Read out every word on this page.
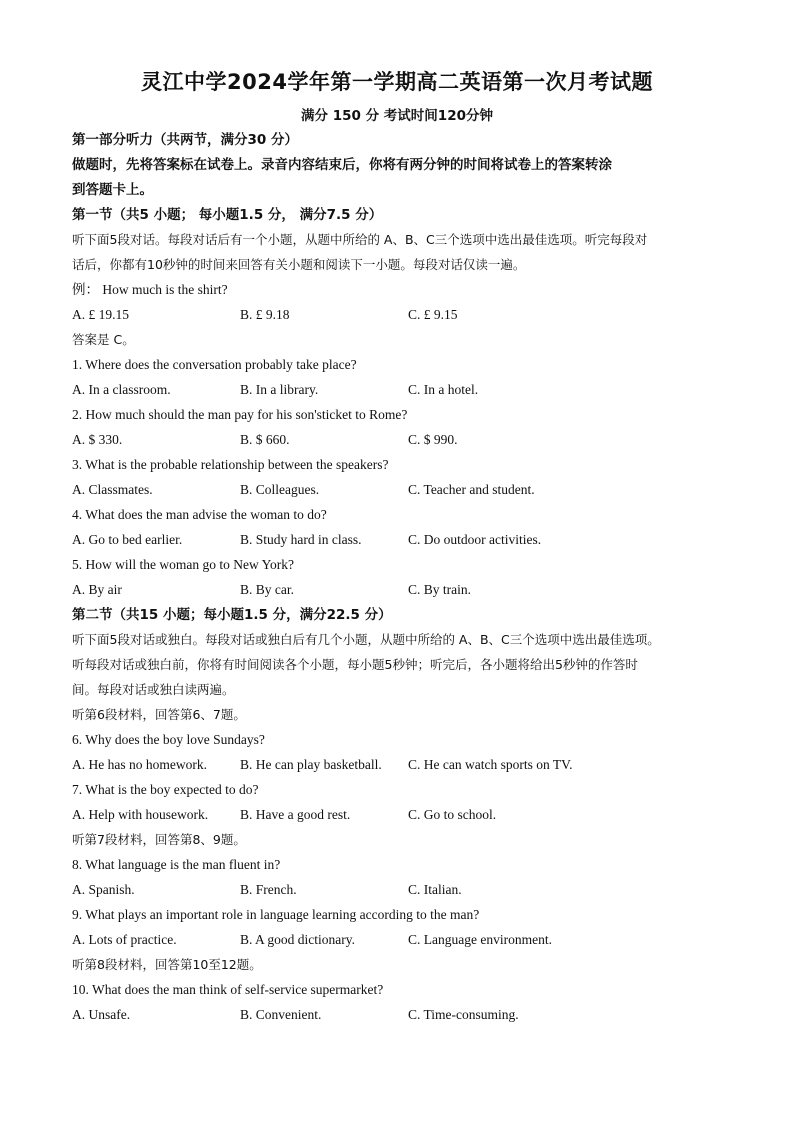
灵江中学2024学年第一学期高二英语第一次月考试题
满分 150 分 考试时间120分钟
第一部分听力（共两节，满分30 分）
做题时，先将答案标在试卷上。录音内容结束后，你将有两分钟的时间将试卷上的答案转涂
到答题卡上。
第一节（共5 小题； 每小题1.5 分， 满分7.5 分）
听下面5段对话。每段对话后有一个小题，从题中所给的 A、B、C三个选项中选出最佳选项。听完每段对
话后，你都有10秒钟的时间来回答有关小题和阅读下一小题。每段对话仅读一遍。
例： How much is the shirt?
A. £ 19.15	B. £ 9.18	C. £ 9.15
答案是 C。
1. Where does the conversation probably take place?
A. In a classroom.	B. In a library.	C. In a hotel.
2. How much should the man pay for his son'sticket to Rome?
A. $ 330.	B. $ 660.	C. $ 990.
3. What is the probable relationship between the speakers?
A. Classmates.	B. Colleagues.	C. Teacher and student.
4. What does the man advise the woman to do?
A. Go to bed earlier.	B. Study hard in class.	C. Do outdoor activities.
5. How will the woman go to New York?
A. By air	B. By car.	C. By train.
第二节（共15 小题；每小题1.5 分，满分22.5 分）
听下面5段对话或独白。每段对话或独白后有几个小题，从题中所给的 A、B、C三个选项中选出最佳选项。
听每段对话或独白前，你将有时间阅读各个小题，每小题5秒钟；听完后，各小题将给出5秒钟的作答时
间。每段对话或独白读两遍。
听第6段材料，回答第6、7题。
6. Why does the boy love Sundays?
A. He has no homework. B. He can play basketball. C. He can watch sports on TV.
7. What is the boy expected to do?
A. Help with housework. B. Have a good rest.	C. Go to school.
听第7段材料，回答第8、9题。
8. What language is the man fluent in?
A. Spanish.	B. French.	C. Italian.
9. What plays an important role in language learning according to the man?
A. Lots of practice.	B. A good dictionary.	C. Language environment.
听第8段材料，回答第10至12题。
10. What does the man think of self-service supermarket?
A. Unsafe.	B. Convenient.	C. Time-consuming.
